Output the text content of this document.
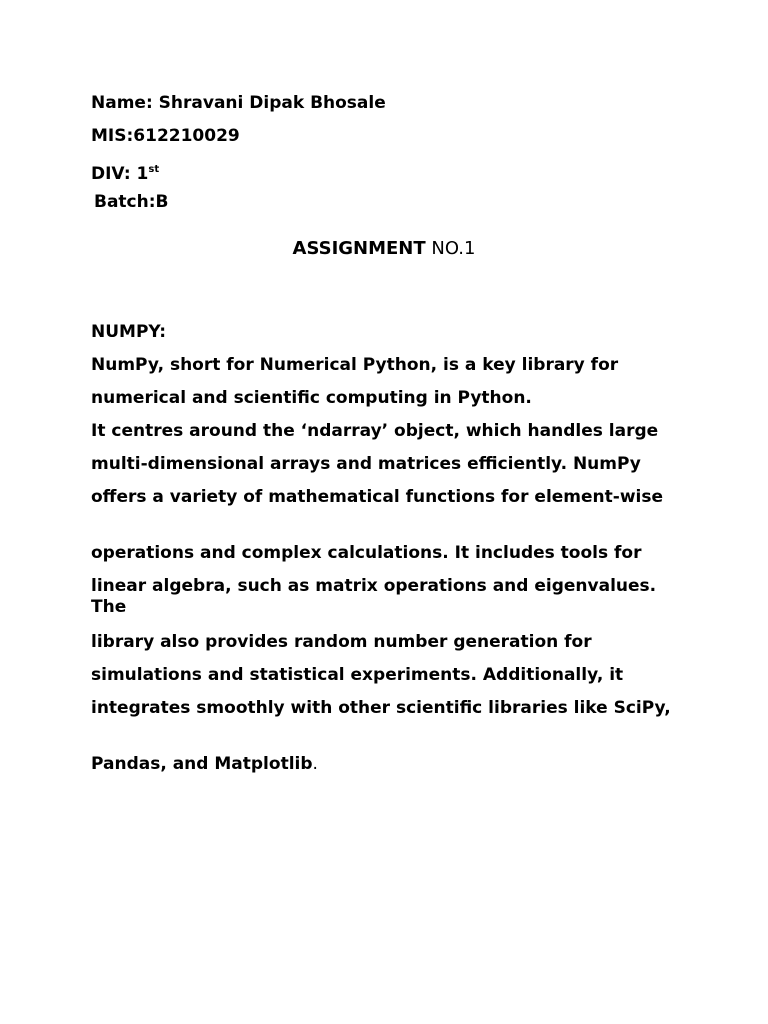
Name: Shravani Dipak Bhosale
MIS:612210029
DIV: 1st
Batch:B
ASSIGNMENT NO.1
NUMPY:
NumPy, short for Numerical Python, is a key library for
numerical and scientific computing in Python.
It centres around the ‘ndarray’ object, which handles large
multi-dimensional arrays and matrices efficiently. NumPy
offers a variety of mathematical functions for element-wise
operations and complex calculations. It includes tools for
linear algebra, such as matrix operations and eigenvalues. The
library also provides random number generation for
simulations and statistical experiments. Additionally, it
integrates smoothly with other scientific libraries like SciPy,
Pandas, and Matplotlib.
